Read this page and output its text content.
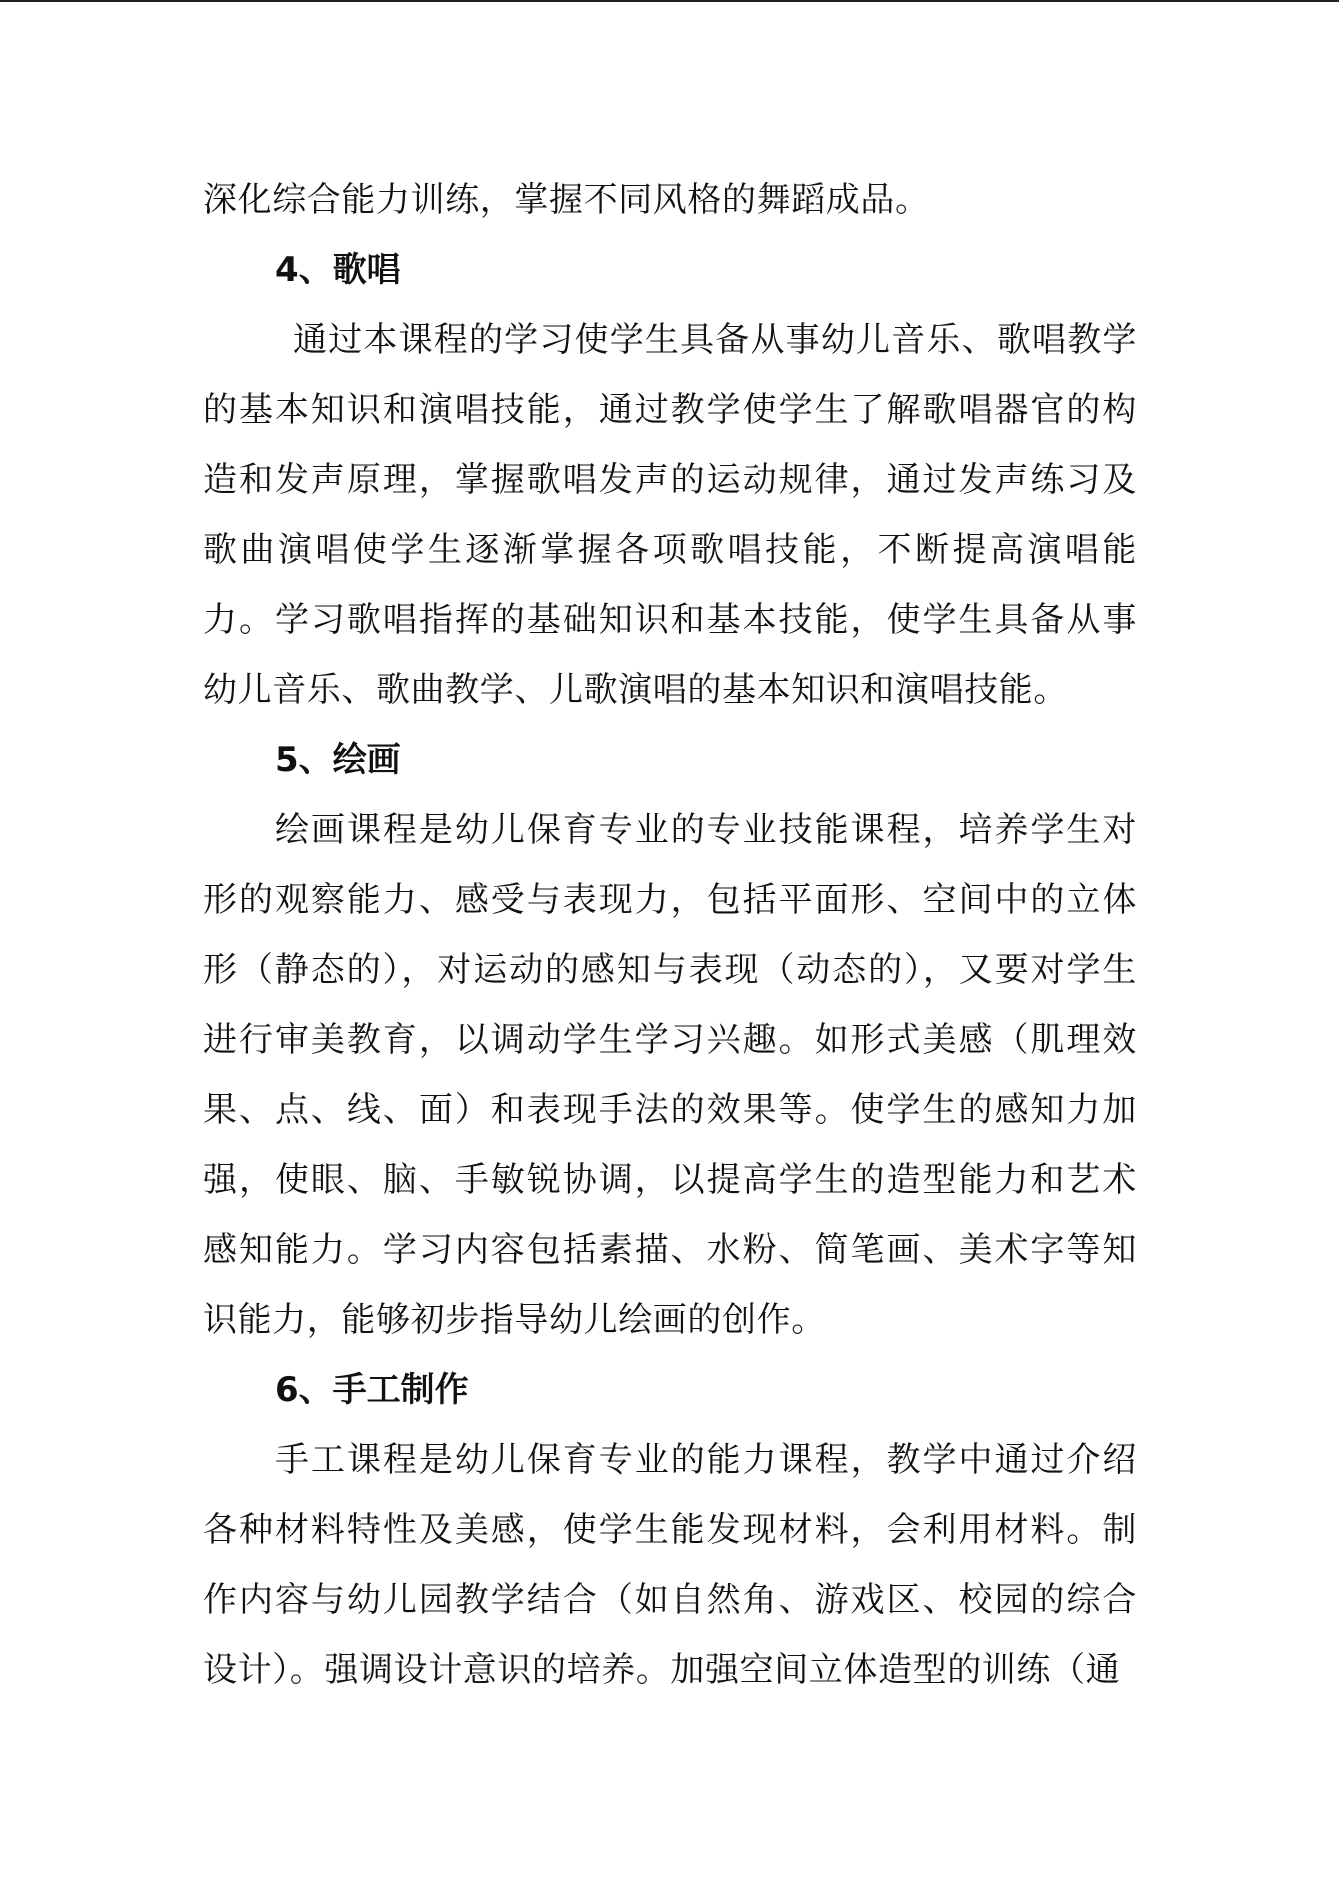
深化综合能力训练，掌握不同风格的舞蹈成品。

4、歌唱

通过本课程的学习使学生具备从事幼儿音乐、歌唱教学的基本知识和演唱技能，通过教学使学生了解歌唱器官的构造和发声原理，掌握歌唱发声的运动规律，通过发声练习及歌曲演唱使学生逐渐掌握各项歌唱技能，不断提高演唱能力。学习歌唱指挥的基础知识和基本技能，使学生具备从事幼儿音乐、歌曲教学、儿歌演唱的基本知识和演唱技能。

5、绘画

绘画课程是幼儿保育专业的专业技能课程，培养学生对形的观察能力、感受与表现力，包括平面形、空间中的立体形（静态的），对运动的感知与表现（动态的），又要对学生进行审美教育，以调动学生学习兴趣。如形式美感（肌理效果、点、线、面）和表现手法的效果等。使学生的感知力加强，使眼、脑、手敏锐协调，以提高学生的造型能力和艺术感知能力。学习内容包括素描、水粉、简笔画、美术字等知识能力，能够初步指导幼儿绘画的创作。

6、手工制作

手工课程是幼儿保育专业的能力课程，教学中通过介绍各种材料特性及美感，使学生能发现材料，会利用材料。制作内容与幼儿园教学结合（如自然角、游戏区、校园的综合设计）。强调设计意识的培养。加强空间立体造型的训练（通
